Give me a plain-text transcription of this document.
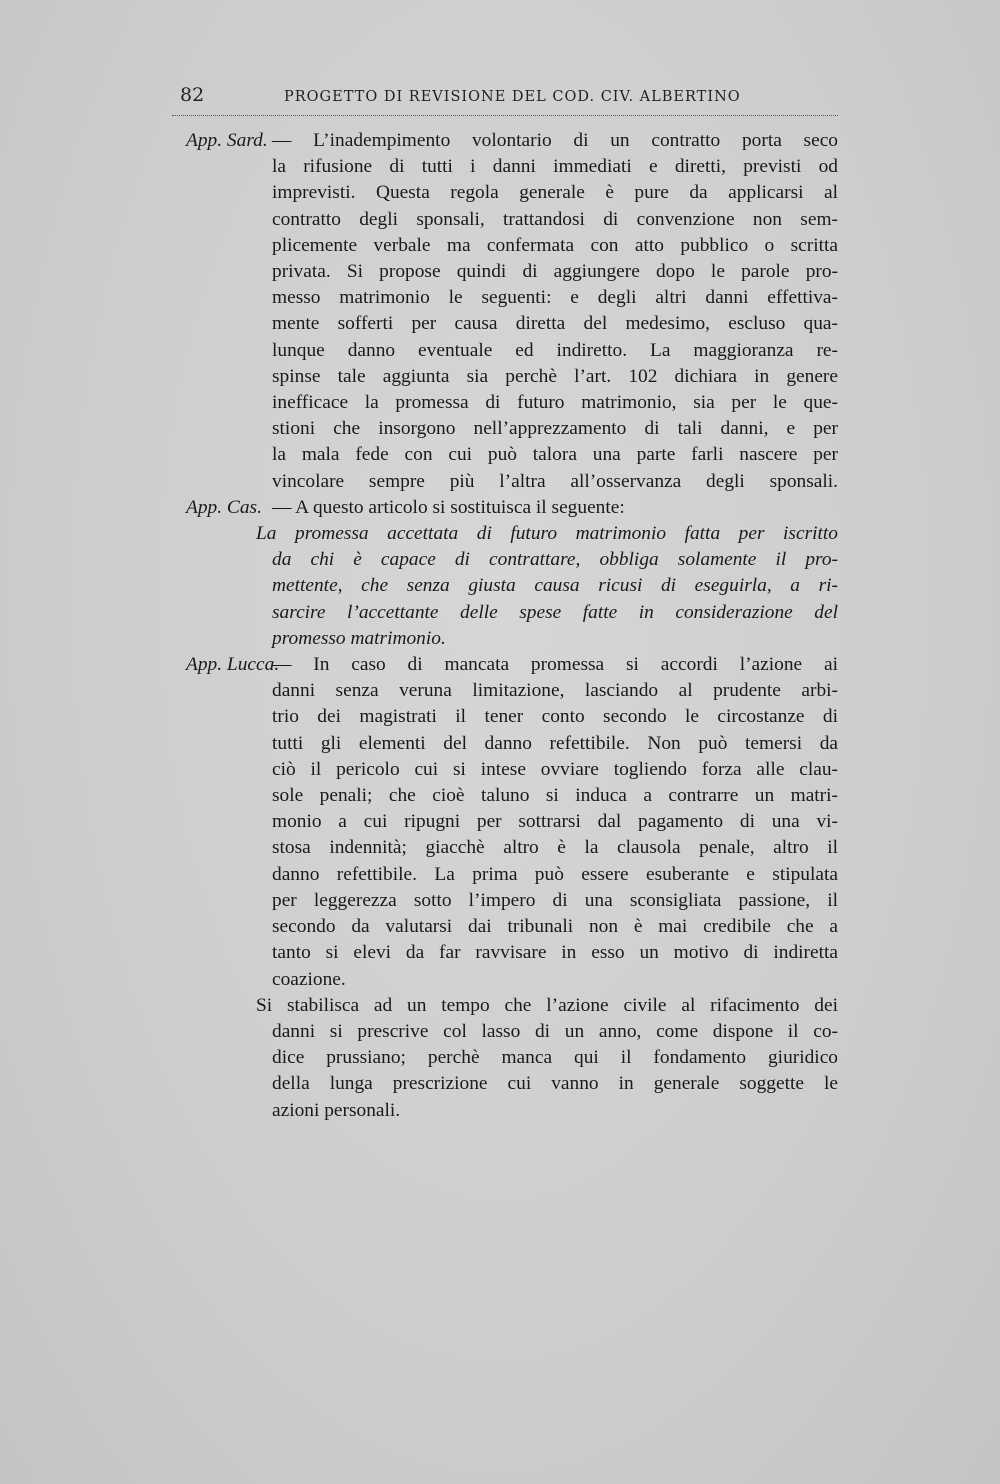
82	PROGETTO DI REVISIONE DEL COD. CIV. ALBERTINO
App. Sard. — L’inadempimento volontario di un contratto porta seco
la rifusione di tutti i danni immediati e diretti, previsti od
imprevisti. Questa regola generale è pure da applicarsi al
contratto degli sponsali, trattandosi di convenzione non sem-
plicemente verbale ma confermata con atto pubblico o scritta
privata. Si propose quindi di aggiungere dopo le parole pro-
messo matrimonio le seguenti: e degli altri danni effettiva-
mente sofferti per causa diretta del medesimo, escluso qua-
lunque danno eventuale ed indiretto. La maggioranza re-
spinse tale aggiunta sia perchè l’art. 102 dichiara in genere
inefficace la promessa di futuro matrimonio, sia per le que-
stioni che insorgono nell’apprezzamento di tali danni, e per
la mala fede con cui può talora una parte farli nascere per
vincolare sempre più l’altra all’osservanza degli sponsali.
App. Cas. — A questo articolo si sostituisca il seguente:
La promessa accettata di futuro matrimonio fatta per iscritto
da chi è capace di contrattare, obbliga solamente il pro-
mettente, che senza giusta causa ricusi di eseguirla, a ri-
sarcire l’accettante delle spese fatte in considerazione del
promesso matrimonio.
App. Lucca.
— In caso di mancata promessa si accordi l’azione ai
danni senza veruna limitazione, lasciando al prudente arbi-
trio dei magistrati il tener conto secondo le circostanze di
tutti gli elementi del danno refettibile. Non può temersi da
ciò il pericolo cui si intese ovviare togliendo forza alle clau-
sole penali; che cioè taluno si induca a contrarre un matri-
monio a cui ripugni per sottrarsi dal pagamento di una vi-
stosa indennità; giacchè altro è la clausola penale, altro il
danno refettibile. La prima può essere esuberante e stipulata
per leggerezza sotto l’impero di una sconsigliata passione, il
secondo da valutarsi dai tribunali non è mai credibile che a
tanto si elevi da far ravvisare in esso un motivo di indiretta
coazione.
Si stabilisca ad un tempo che l’azione civile al rifacimento dei
danni si prescrive col lasso di un anno, come dispone il co-
dice prussiano; perchè manca qui il fondamento giuridico
della lunga prescrizione cui vanno in generale soggette le
azioni personali.
